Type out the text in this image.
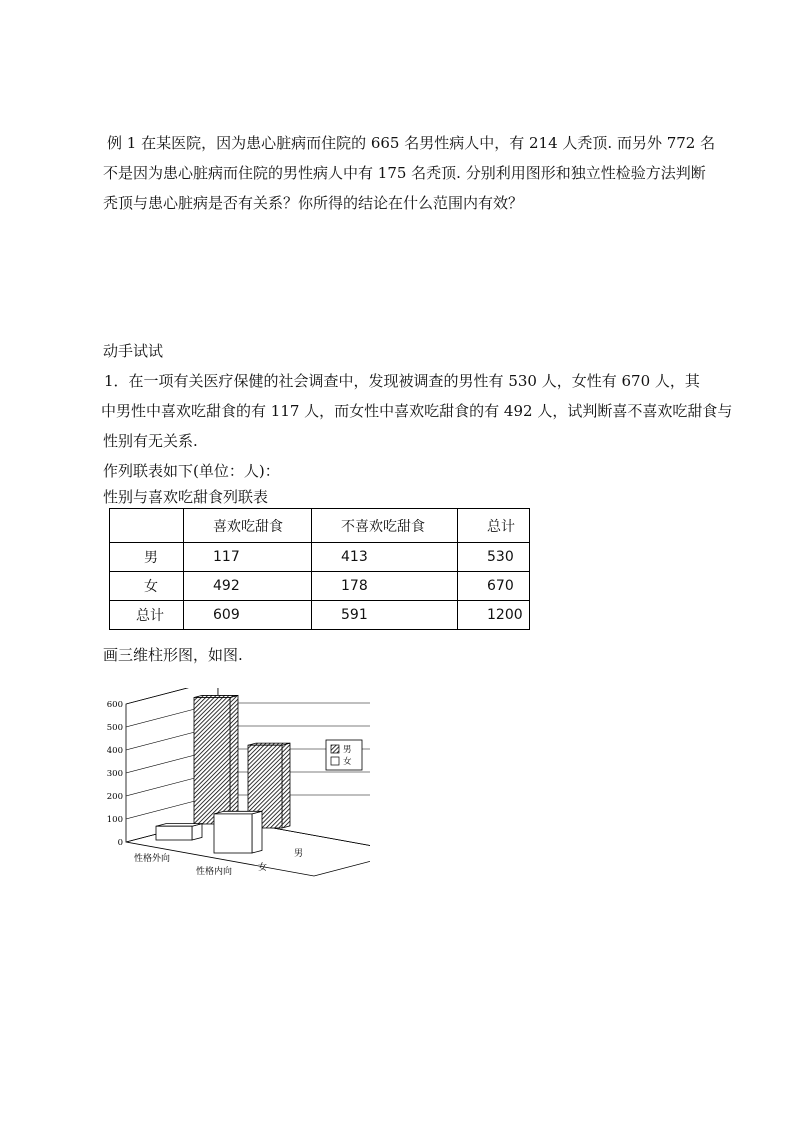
例 1 在某医院，因为患心脏病而住院的 665 名男性病人中，有 214 人秃顶. 而另外 772 名
不是因为患心脏病而住院的男性病人中有 175 名秃顶. 分别利用图形和独立性检验方法判断
秃顶与患心脏病是否有关系？你所得的结论在什么范围内有效？

动手试试

1．在一项有关医疗保健的社会调查中，发现被调查的男性有 530 人，女性有 670 人，其
中男性中喜欢吃甜食的有 117 人，而女性中喜欢吃甜食的有 492 人，试判断喜不喜欢吃甜食与
性别有无关系.

作列联表如下(单位：人)：

性别与喜欢吃甜食列联表

	喜欢吃甜食	不喜欢吃甜食	总计
男	117	413	530
女	492	178	670
总计	609	591	1200

画三维柱形图，如图.

0
100
200
300
400
500
600
性格外向
性格内向	女
男
男
女
